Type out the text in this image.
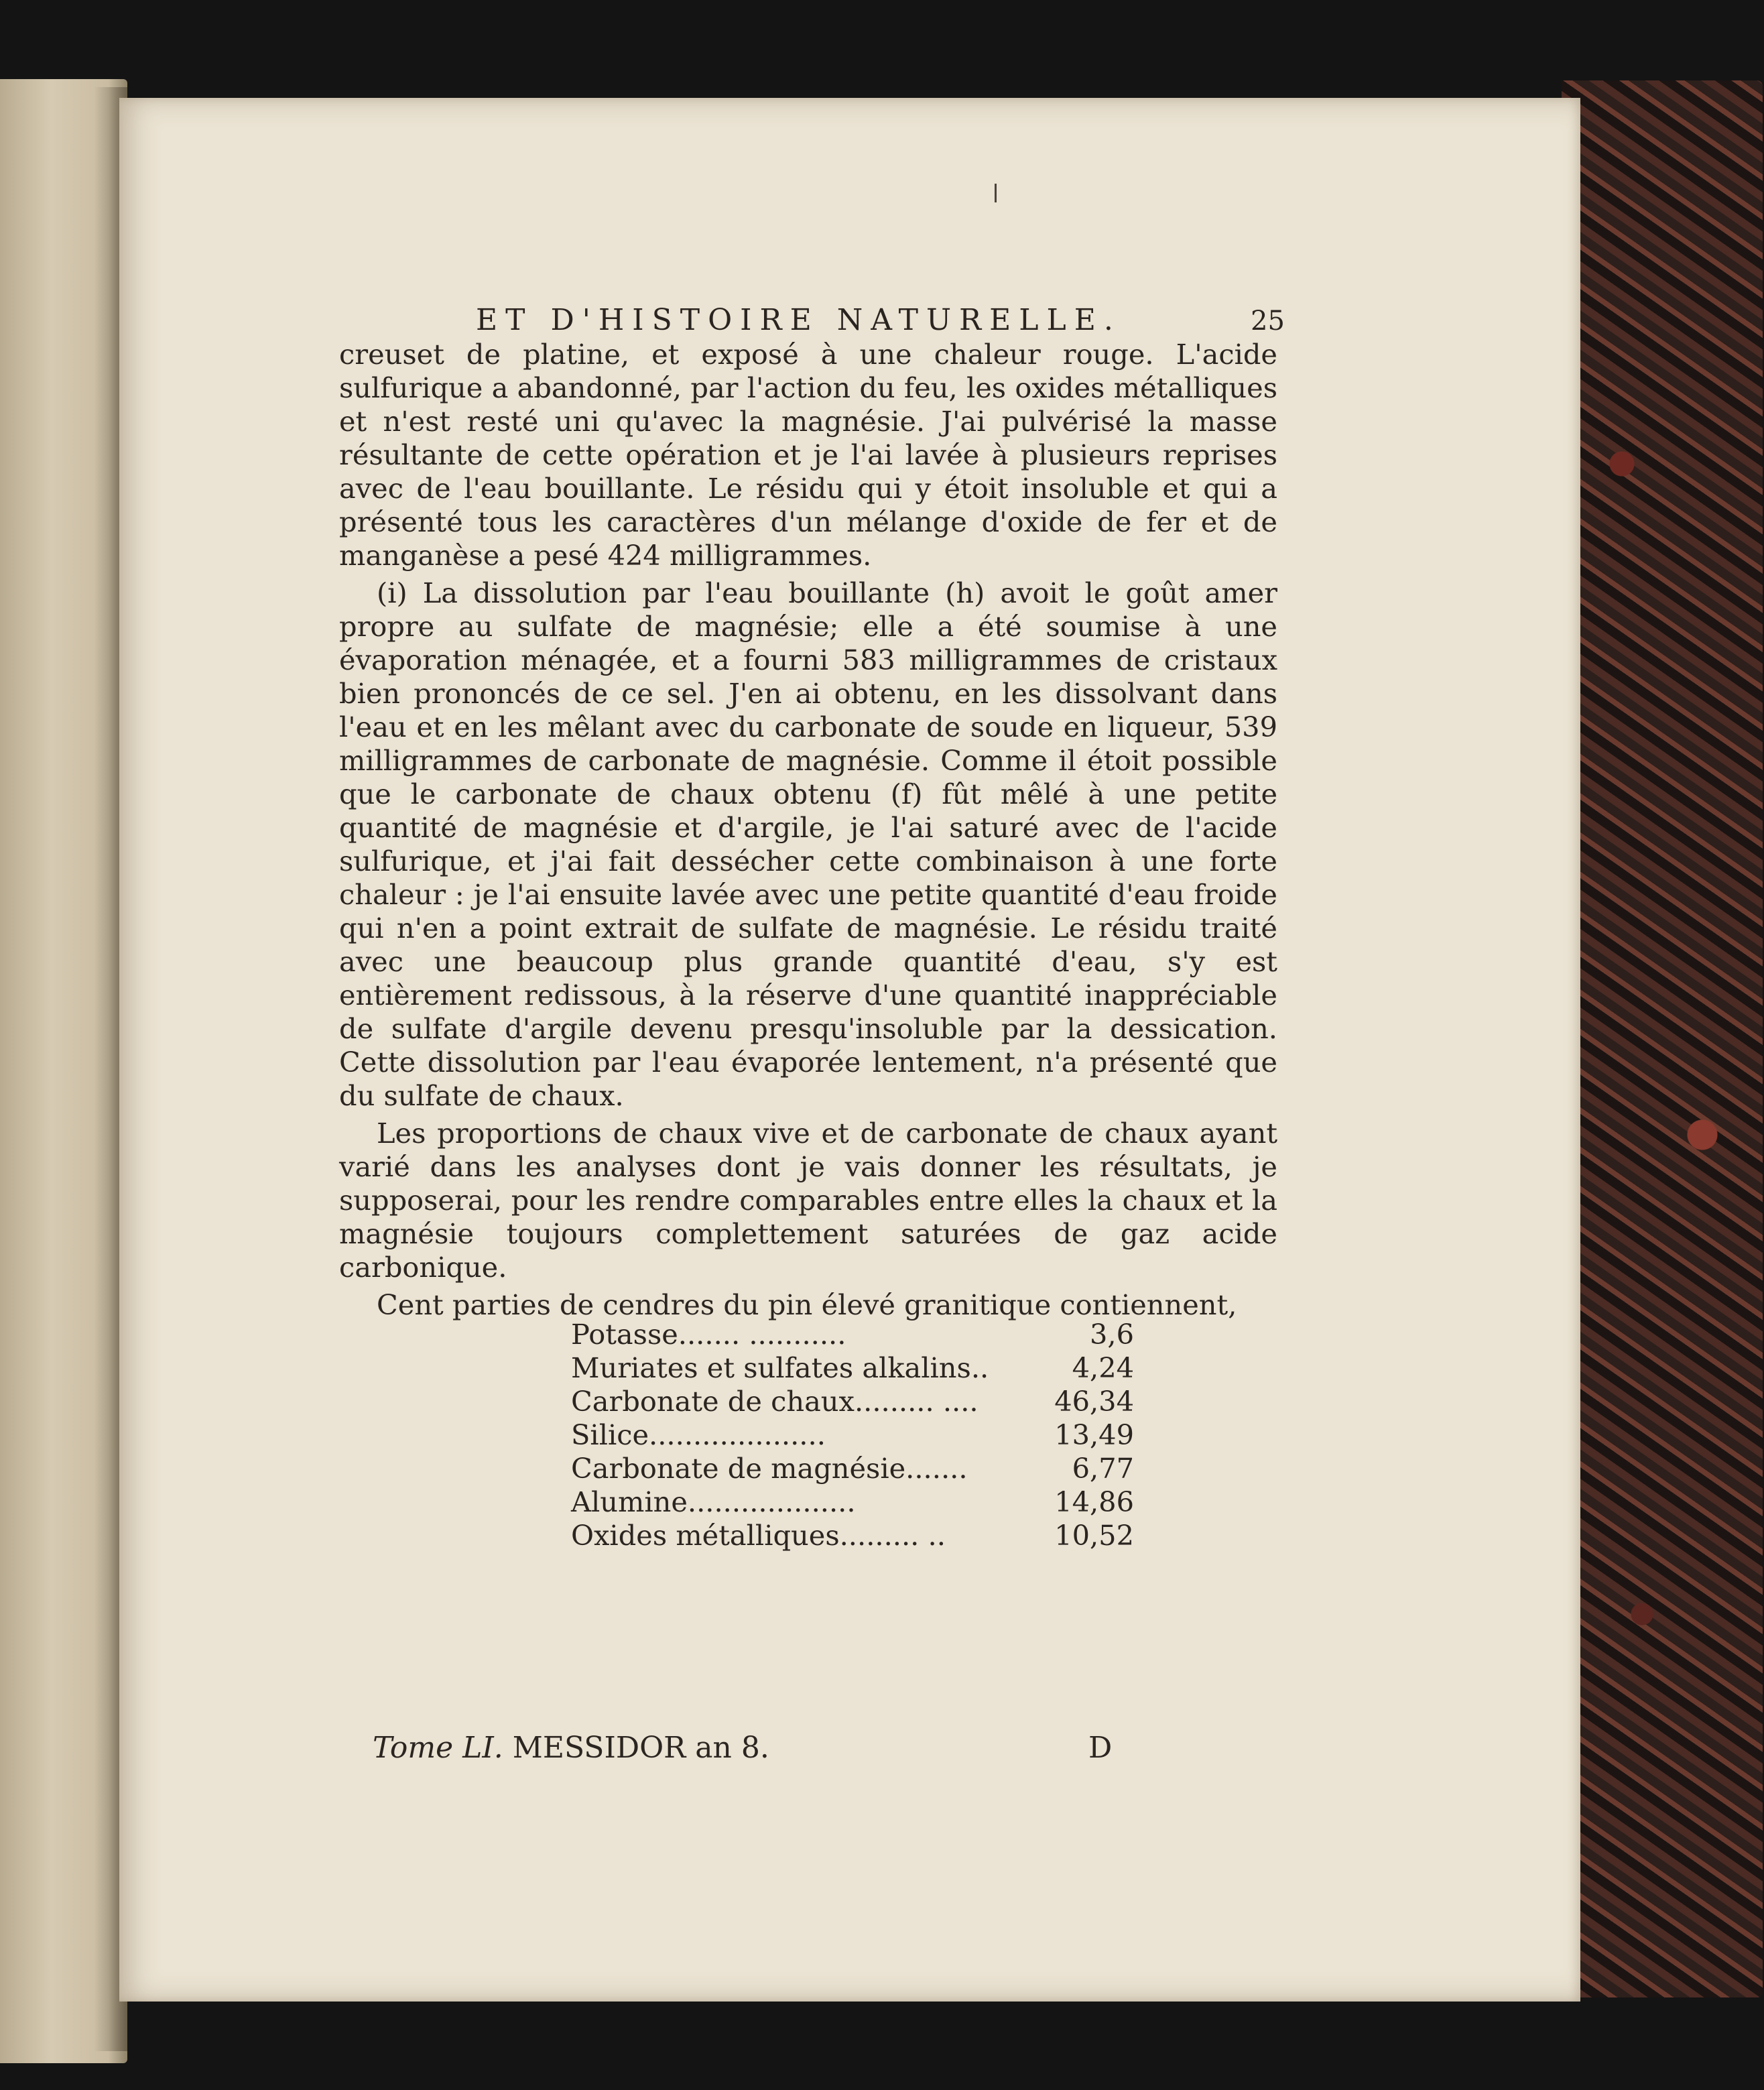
ET D'HISTOIRE NATURELLE.	25

creuset de platine, et exposé à une chaleur rouge. L'acide sulfurique a abandonné, par l'action du feu, les oxides métalliques et n'est resté uni qu'avec la magnésie. J'ai pulvérisé la masse résultante de cette opération et je l'ai lavée à plusieurs reprises avec de l'eau bouillante. Le résidu qui y étoit insoluble et qui a présenté tous les caractères d'un mélange d'oxide de fer et de manganèse a pesé 424 milligrammes.

(i) La dissolution par l'eau bouillante (h) avoit le goût amer propre au sulfate de magnésie; elle a été soumise à une évaporation ménagée, et a fourni 583 milligrammes de cristaux bien prononcés de ce sel. J'en ai obtenu, en les dissolvant dans l'eau et en les mêlant avec du carbonate de soude en liqueur, 539 milligrammes de carbonate de magnésie. Comme il étoit possible que le carbonate de chaux obtenu (f) fût mêlé à une petite quantité de magnésie et d'argile, je l'ai saturé avec de l'acide sulfurique, et j'ai fait dessécher cette combinaison à une forte chaleur : je l'ai ensuite lavée avec une petite quantité d'eau froide qui n'en a point extrait de sulfate de magnésie. Le résidu traité avec une beaucoup plus grande quantité d'eau, s'y est entièrement redissous, à la réserve d'une quantité inappréciable de sulfate d'argile devenu presqu'insoluble par la dessication. Cette dissolution par l'eau évaporée lentement, n'a présenté que du sulfate de chaux.

Les proportions de chaux vive et de carbonate de chaux ayant varié dans les analyses dont je vais donner les résultats, je supposerai, pour les rendre comparables entre elles la chaux et la magnésie toujours complettement saturées de gaz acide carbonique.

Cent parties de cendres du pin élevé granitique contiennent,

Potasse....... ...........	3,6
Muriates et sulfates alkalins..	4,24
Carbonate de chaux......... ....	46,34
Silice....................	13,49
Carbonate de magnésie.......	6,77
Alumine...................	14,86
Oxides métalliques......... ..	10,52
Tome LI. MESSIDOR an 8.	D
